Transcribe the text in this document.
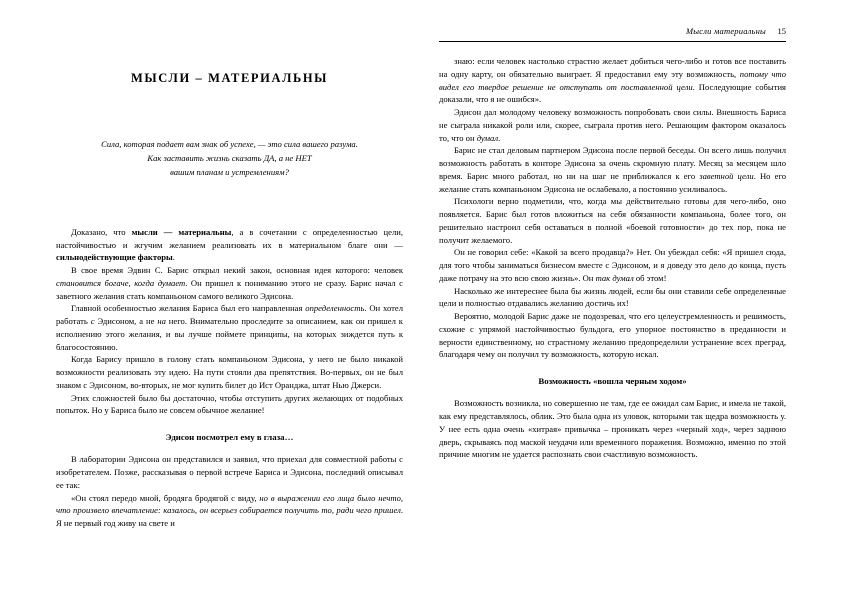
МЫСЛИ – МАТЕРИАЛЬНЫ

Сила, которая подает вам знак об успехе, — это сила вашего разума.

Как заставить жизнь сказать ДА, а не НЕТ

вашим планам и устремлениям?

Доказано, что мысли — материальны, а в сочетании с определенностью цели, настойчивостью и жгучим желанием реализовать их в материальном благе они — сильнодействующие факторы.

В свое время Эдвин С. Барис открыл некий закон, основная идея которого: человек становится богаче, когда думает. Он пришел к пониманию этого не сразу. Барис начал с заветного желания стать компаньоном самого великого Эдисона.

Главной особенностью желания Бариса был его направленная определенность. Он хотел работать с Эдисоном, а не на него. Внимательно проследите за описанием, как он пришел к исполнению этого желания, и вы лучше поймете принципы, на которых зиждется путь к благосостоянию.

Когда Барису пришло в голову стать компаньоном Эдисона, у него не было никакой возможности реализовать эту идею. На пути стояли два препятствия. Во-первых, он не был знаком с Эдисоном, во-вторых, не мог купить билет до Ист Оранджа, штат Нью Джерси.

Этих сложностей было бы достаточно, чтобы отступить других желающих от подобных попыток. Но у Бариса было не совсем обычное желание!

Эдисон посмотрел ему в глаза…

В лаборатории Эдисона он представился и заявил, что приехал для совместной работы с изобретателем. Позже, рассказывая о первой встрече Бариса и Эдисона, последний описывал ее так:

«Он стоял передо мной, бродяга бродягой с виду, но в выражении его лица было нечто, что произвело впечатление: казалось, он всерьез собирается получить то, ради чего пришел. Я не первый год живу на свете и

Мысли материальны 15

знаю: если человек настолько страстно желает добиться чего-либо и готов все поставить на одну карту, он обязательно выиграет. Я предоставил ему эту возможность, потому что видел его твердое решение не отступать от поставленной цели. Последующие события доказали, что я не ошибся».

Эдисон дал молодому человеку возможность попробовать свои силы. Внешность Бариса не сыграла никакой роли или, скорее, сыграла против него. Решающим фактором оказалось то, что он думал.

Барис не стал деловым партнером Эдисона после первой беседы. Он всего лишь получил возможность работать в конторе Эдисона за очень скромную плату. Месяц за месяцем шло время. Барис много работал, но ни на шаг не приближался к его заветной цели. Но его желание стать компаньоном Эдисона не ослабевало, а постоянно усиливалось.

Психологи верно подметили, что, когда мы действительно готовы для чего-либо, оно появляется. Барис был готов вложиться на себя обязанности компаньона, более того, он решительно настроил себя оставаться в полной «боевой готовности» до тех пор, пока не получит желаемого.

Он не говорил себе: «Какой за всего продавца?» Нет. Он убеждал себя: «Я пришел сюда, для того чтобы заниматься бизнесом вместе с Эдисоном, и я доведу это дело до конца, пусть даже потрачу на это всю свою жизнь». Он так думал об этом!

Насколько же интереснее была бы жизнь людей, если бы они ставили себе определенные цели и полностью отдавались желанию достичь их!

Вероятно, молодой Барис даже не подозревал, что его целеустремленность и решимость, схожие с упрямой настойчивостью бульдога, его упорное постоянство в преданности и верности единственному, но страстному желанию предопределили устранение всех преград, благодаря чему он получил ту возможность, которую искал.

Возможность «вошла черным ходом»

Возможность возникла, но совершенно не там, где ее ожидал сам Барис, и имела не такой, как ему представлялось, облик. Это была одна из уловок, которыми так щедра возможность у. У нее есть одна очень «хитрая» привычка – проникать через «черный ход», через заднюю дверь, скрываясь под маской неудачи или временного поражения. Возможно, именно по этой причине многим не удается распознать свои счастливую возможность.
